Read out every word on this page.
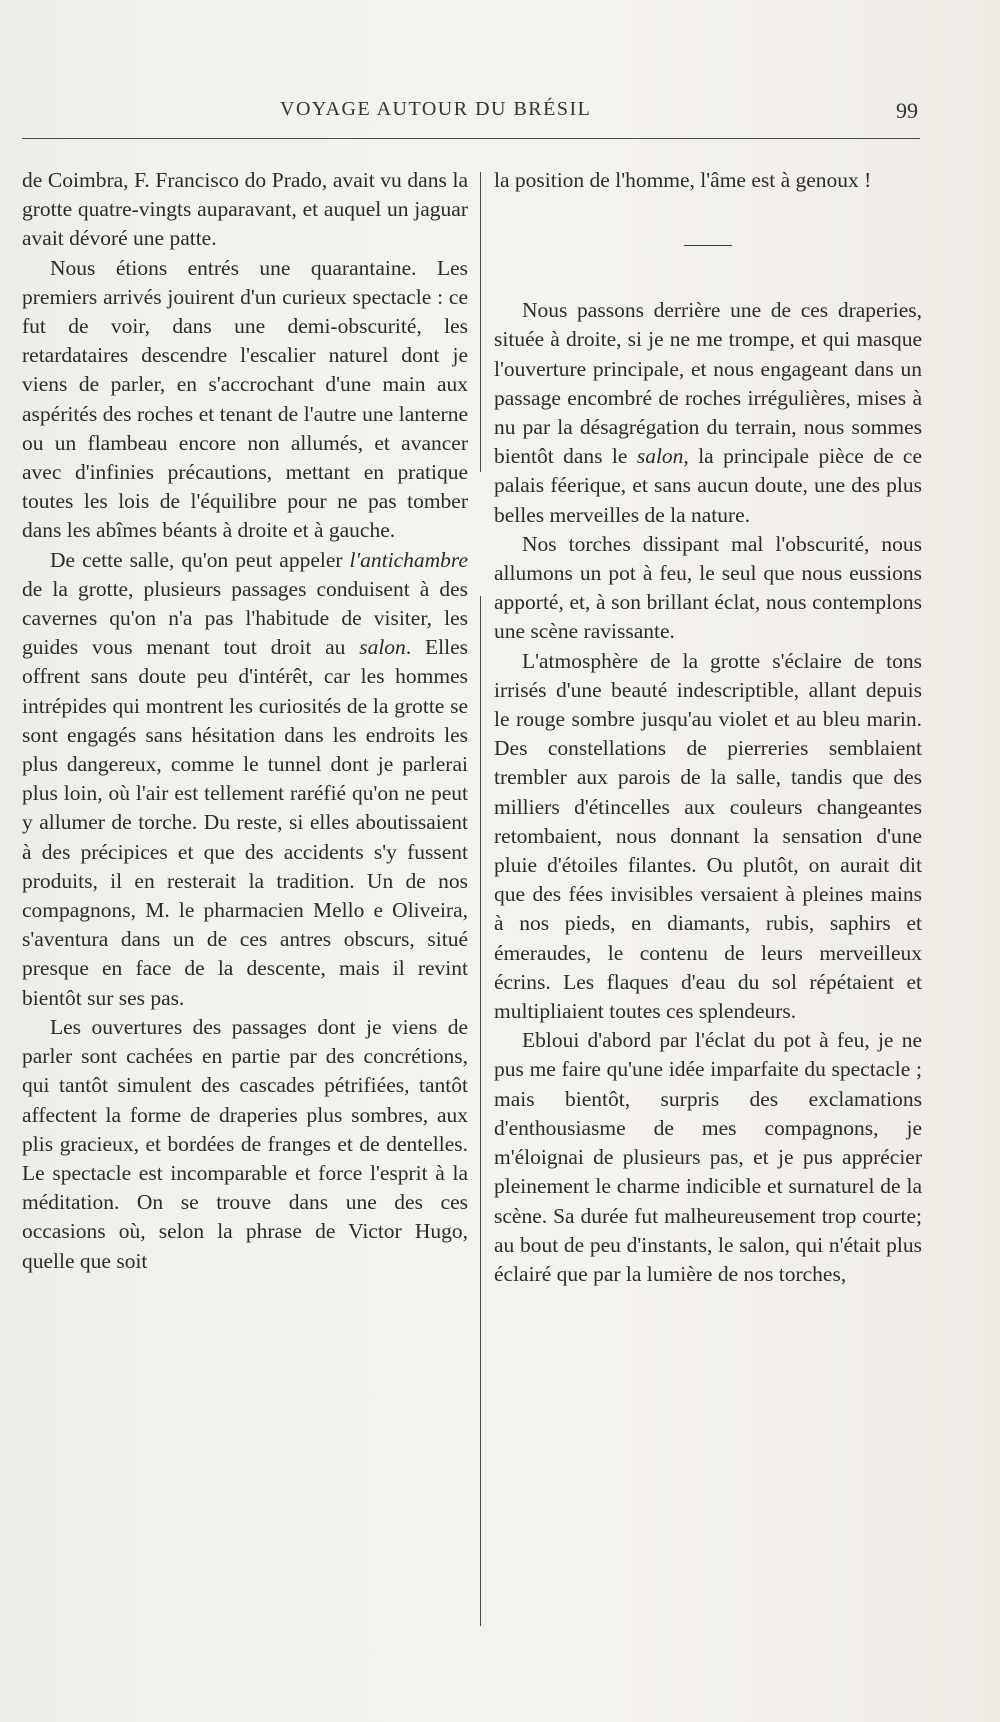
VOYAGE AUTOUR DU BRÉSIL	99

de Coimbra, F. Francisco do Prado, avait vu dans la grotte quatre-vingts auparavant, et auquel un jaguar avait dévoré une patte.

Nous étions entrés une quarantaine. Les premiers arrivés jouirent d'un curieux spectacle : ce fut de voir, dans une demi-obscurité, les retardataires descendre l'escalier naturel dont je viens de parler, en s'accrochant d'une main aux aspérités des roches et tenant de l'autre une lanterne ou un flambeau encore non allumés, et avancer avec d'infinies précautions, mettant en pratique toutes les lois de l'équilibre pour ne pas tomber dans les abîmes béants à droite et à gauche.

De cette salle, qu'on peut appeler l'antichambre de la grotte, plusieurs passages conduisent à des cavernes qu'on n'a pas l'habitude de visiter, les guides vous menant tout droit au salon. Elles offrent sans doute peu d'intérêt, car les hommes intrépides qui montrent les curiosités de la grotte se sont engagés sans hésitation dans les endroits les plus dangereux, comme le tunnel dont je parlerai plus loin, où l'air est tellement raréfié qu'on ne peut y allumer de torche. Du reste, si elles aboutissaient à des précipices et que des accidents s'y fussent produits, il en resterait la tradition. Un de nos compagnons, M. le pharmacien Mello e Oliveira, s'aventura dans un de ces antres obscurs, situé presque en face de la descente, mais il revint bientôt sur ses pas.

Les ouvertures des passages dont je viens de parler sont cachées en partie par des concrétions, qui tantôt simulent des cascades pétrifiées, tantôt affectent la forme de draperies plus sombres, aux plis gracieux, et bordées de franges et de dentelles. Le spectacle est incomparable et force l'esprit à la méditation. On se trouve dans une des ces occasions où, selon la phrase de Victor Hugo, quelle que soit

la position de l'homme, l'âme est à genoux !

Nous passons derrière une de ces draperies, située à droite, si je ne me trompe, et qui masque l'ouverture principale, et nous engageant dans un passage encombré de roches irrégulières, mises à nu par la désagrégation du terrain, nous sommes bientôt dans le salon, la principale pièce de ce palais féerique, et sans aucun doute, une des plus belles merveilles de la nature.

Nos torches dissipant mal l'obscurité, nous allumons un pot à feu, le seul que nous eussions apporté, et, à son brillant éclat, nous contemplons une scène ravissante.

L'atmosphère de la grotte s'éclaire de tons irrisés d'une beauté indescriptible, allant depuis le rouge sombre jusqu'au violet et au bleu marin. Des constellations de pierreries semblaient trembler aux parois de la salle, tandis que des milliers d'étincelles aux couleurs changeantes retombaient, nous donnant la sensation d'une pluie d'étoiles filantes. Ou plutôt, on aurait dit que des fées invisibles versaient à pleines mains à nos pieds, en diamants, rubis, saphirs et émeraudes, le contenu de leurs merveilleux écrins. Les flaques d'eau du sol répétaient et multipliaient toutes ces splendeurs.

Ebloui d'abord par l'éclat du pot à feu, je ne pus me faire qu'une idée imparfaite du spectacle ; mais bientôt, surpris des exclamations d'enthousiasme de mes compagnons, je m'éloignai de plusieurs pas, et je pus apprécier pleinement le charme indicible et surnaturel de la scène. Sa durée fut malheureusement trop courte; au bout de peu d'instants, le salon, qui n'était plus éclairé que par la lumière de nos torches,
